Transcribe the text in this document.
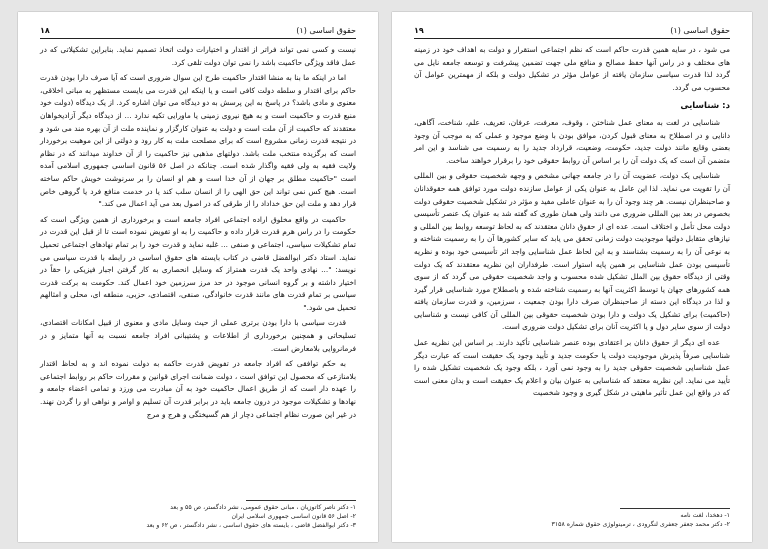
حقوق اساسی (۱)
۱۸

نیست و کسی نمی تواند فراتر از اقتدار و اختیارات دولت اتخاذ تصمیم نماید. بنابراین تشکیلاتی که در عمل فاقد ویژگی حاکمیت باشد را نمی توان دولت تلقی کرد.

اما در اینکه ما بنا به منشا اقتدار حاکمیت طرح این سوال ضروری است که آیا صرف دارا بودن قدرت حاکم برای اقتدار و سلطه دولت کافی است و یا اینکه این قدرت می بایست مستظهر به مبانی اخلاقی، معنوی و مادی باشد؟ در پاسخ به این پرسش به دو دیدگاه می توان اشاره کرد. از یک دیدگاه (دولت خود منبع قدرت و حاکمیت است و به هیچ نیروی زمینی یا ماورایی تکیه ندارد ... از دیدگاه دیگر آزادیخواهان معتقدند که حاکمیت از آن ملت است و دولت به عنوان کارگزار و نماینده ملت از آن بهره مند می شود و در نتیجه قدرت زمانی مشروع است که برای مصلحت ملت به کار رود و دولتی از این موهبت برخوردار است که برگزیده منتخب ملت باشد. دولتهای مذهبی نیز حاکمیت را از آن خداوند میدانند که در نظام ولایت فقیه به ولی فقیه واگذار شده است. چنانکه در اصل ۵۶ قانون اساسی جمهوری اسلامی آمده است "حاکمیت مطلق بر جهان از آن خدا است و هم او انسان را بر سرنوشت خویش حاکم ساخته است. هیچ کس نمی تواند این حق الهی را از انسان سلب کند یا در خدمت منافع فرد یا گروهی خاص قرار دهد و ملت این حق خداداد را از طرقی که در اصول بعد می آید اعمال می کند."

حاکمیت در واقع مخلوق اراده اجتماعی افراد جامعه است و برخورداری از همین ویژگی است که حکومت را در راس هرم قدرت قرار داده و حاکمیت را به او تفویض نموده است تا از قبل این قدرت در تمام تشکیلات سیاسی، اجتماعی و صنفی ... غلبه نماید و قدرت خود را بر تمام نهادهای اجتماعی تحمیل نماید. استاد دکتر ابوالفضل قاضی در کتاب بایسته های حقوق اساسی در رابطه با قدرت سیاسی می نویسد: "... نهادی واحد یک قدرت همتراز که وسایل انحصاری به کار گرفتن اجبار فیزیکی را حقاً در اختیار داشته و بر گروه انسانی موجود در حد مرز سرزمین خود اعمال کند. حکومت به برکت قدرت سیاسی بر تمام قدرت های مانند قدرت خانوادگی، صنفی، اقتصادی، حزبی، منطقه ای، محلی و امثالهم تحمیل می شود."

قدرت سیاسی با دارا بودن برتری عملی از حیث وسایل مادی و معنوی از قبیل امکانات اقتصادی، تسلیحاتی و همچنین برخورداری از اطلاعات و پشتیبانی افراد جامعه نسبت به آنها متمایز و در فرمانروایی بلامعارض است.

به حکم توافقی که افراد جامعه در تفویض قدرت حاکمه به دولت نموده اند و به لحاظ اقتدار بلامنازعی که محصول این توافق است ، دولت ضمانت اجرای قوانین و مقررات حاکم بر روابط اجتماعی را عهده دار است که از طریق اعمال حاکمیت خود به آن مبادرت می ورزد و تمامی اعضاء جامعه و نهادها و تشکیلات موجود در درون جامعه باید در برابر قدرت آن تسلیم و اوامر و نواهی او را گردن نهند. در غیر این صورت نظام اجتماعی دچار از هم گسیختگی و هرج و مرج

۱- دکتر ناصر کاتوزیان ، مبانی حقوق عمومی، نشر دادگستر، ص ۵۵ و بعد
۲- اصل ۵۶ قانون اساسی جمهوری اسلامی ایران
۳- دکتر ابوالفضل قاضی ، بایسته های حقوق اساسی ، نشر دادگستر ، ص ۶۲ و بعد
حقوق اساسی (۱)
۱۹

می شود ، در سایه همین قدرت حاکم است که نظم اجتماعی استقرار و دولت به اهداف خود در زمینه های مختلف و در راس آنها حفظ مصالح و منافع ملی جهت تضمین پیشرفت و توسعه جامعه نایل می گردد لذا قدرت سیاسی سازمان یافته از عوامل مؤثر در تشکیل دولت و بلکه از مهمترین عوامل آن محسوب می گردد.

د: شناسایی

شناسایی در لغت به معنای عمل شناختن ، وقوف، معرفت، عرفان، تعریف، علم، شناخت، آگاهی، دانایی و در اصطلاح به معنای قبول کردن، موافق بودن با وضع موجود و عملی که به موجب آن وجود بعضی وقایع مانند دولت جدید، حکومت، وضعیت، قرارداد جدید را به رسمیت می شناسد و این امر متضمن آن است که یک دولت آن را بر اساس آن روابط حقوقی خود را برقرار خواهند ساخت.

شناسایی یک دولت، عضویت آن را در جامعه جهانی مشخص و وجهه شخصیت حقوقی و بین المللی آن را تقویت می نماید. لذا این عامل به عنوان یکی از عوامل سازنده دولت مورد توافق همه حقوقدانان و صاحبنظران نیست. هر چند وجود آن را به عنوان عاملی مفید و مؤثر در تشکیل شخصیت حقوقی دولت بخصوص در بعد بین المللی ضروری می دانند ولی همان طوری که گفته شد به عنوان یک عنصر تأسیسی دولت محل تأمل و اختلاف است. عده ای از حقوق دانان معتقدند که به لحاظ توسعه روابط بین المللی و نیازهای متقابل دولتها موجودیت دولت زمانی تحقق می یابد که سایر کشورها آن را به رسمیت شناخته و به نوعی آن را به رسمیت بشناسند و به این لحاظ عمل شناسایی واجد اثر تأسیسی خود بوده و نظریه تأسیسی بودن عمل شناسایی بر همین پایه استوار است. طرفداران این نظریه معتقدند که یک دولت وقتی از دیدگاه حقوق بین الملل تشکیل شده محسوب و واجد شخصیت حقوقی می گردد که از سوی همه کشورهای جهان یا توسط اکثریت آنها به رسمیت شناخته شده و باصطلاح مورد شناسایی قرار گیرد و لذا در دیدگاه این دسته از صاحبنظران صرف دارا بودن جمعیت ، سرزمین، و قدرت سازمان یافته (حاکمیت) برای تشکیل یک دولت و دارا بودن شخصیت حقوقی بین المللی آن کافی نیست و شناسایی دولت از سوی سایر دول و یا اکثریت آنان برای تشکیل دولت ضروری است.

عده ای دیگر از حقوق دانان بر اعتقادی بوده عنصر شناسایی تأکید دارند. بر اساس این نظریه عمل شناسایی صرفاً پذیرش موجودیت دولت یا حکومت جدید و تأیید وجود یک حقیقت است که عبارت دیگر عمل شناسایی شخصیت حقوقی جدید را به وجود نمی آورد ، بلکه وجود یک شخصیت تشکیل شده را تأیید می نماید. این نظریه معتقد که شناسایی به عنوان بیان و اعلام یک حقیقت است و بدان معنی است که در واقع این عمل تأثیر ماهیتی در شکل گیری و وجود شخصیت

۱- دهخدا، لغت نامه
۲- دکتر محمد جعفر جعفری لنگرودی ، ترمینولوژی حقوق شماره ۳۱۵۸
